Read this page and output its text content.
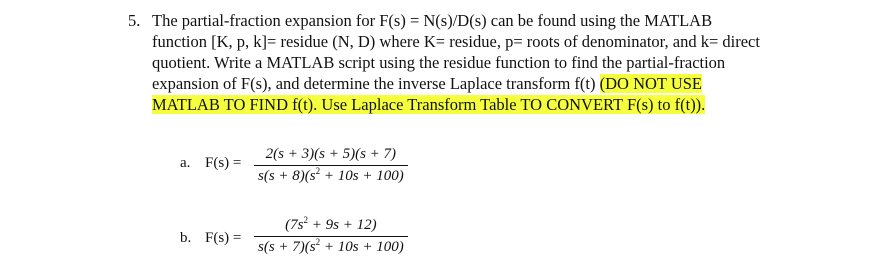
5. The partial-fraction expansion for F(s) = N(s)/D(s) can be found using the MATLAB
function [K, p, k]= residue (N, D) where K= residue, p= roots of denominator, and k= direct
quotient. Write a MATLAB script using the residue function to find the partial-fraction
expansion of F(s), and determine the inverse Laplace transform f(t) (DO NOT USE
MATLAB TO FIND f(t). Use Laplace Transform Table TO CONVERT F(s) to f(t)).
a. F(s) =
2(s + 3)(s + 5)(s + 7)
$s(s + 8)(s^2 + 10s + 100)$
b. F(s) =
$(7s^2 + 9s + 12)$
$s(s + 7)(s^2 + 10s + 100)$
